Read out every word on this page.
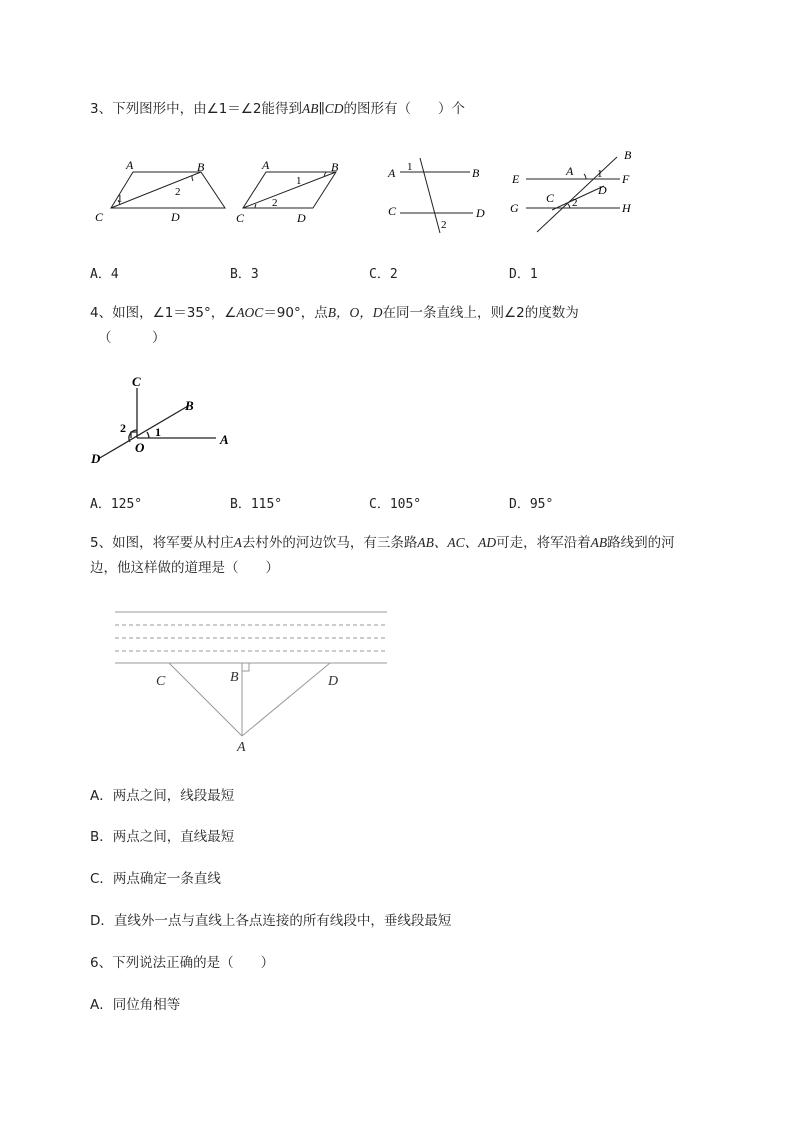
3、下列图形中，由∠1＝∠2能得到AB∥CD的图形有（　　）个
A	B
C	D
1
2
A	B
C	D
1
2
A	B
C	D
1
2
B
A
E	F
D
C
G	H
1
2
A．4	B．3	C．2	D．1
4、如图，∠1＝35°，∠AOC＝90°，点B，O，D在同一条直线上，则∠2的度数为
（　　　）
C
B
A
D
O
1
2
A．125°	B．115°	C．105°	D．95°
5、如图，将军要从村庄A去村外的河边饮马，有三条路AB、AC、AD可走，将军沿着AB路线到的河
边，他这样做的道理是（　　）
C	B	D
A
A．两点之间，线段最短
B．两点之间，直线最短
C．两点确定一条直线
D．直线外一点与直线上各点连接的所有线段中，垂线段最短
6、下列说法正确的是（　　）
A．同位角相等
